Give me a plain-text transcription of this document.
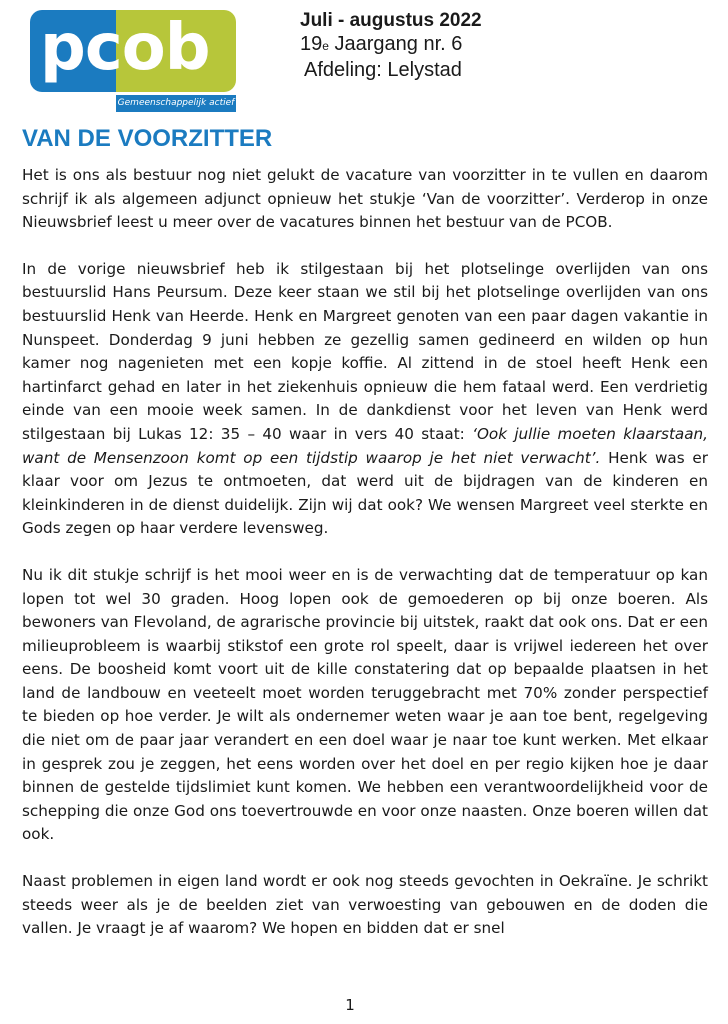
pcob
Gemeenschappelijk actief
Juli - augustus 2022
19e Jaargang nr. 6
Afdeling: Lelystad
VAN DE VOORZITTER

Het is ons als bestuur nog niet gelukt de vacature van voorzitter in te vullen en daarom schrijf ik als algemeen adjunct opnieuw het stukje ‘Van de voorzitter’. Verderop in onze Nieuwsbrief leest u meer over de vacatures binnen het bestuur van de PCOB.

In de vorige nieuwsbrief heb ik stilgestaan bij het plotselinge overlijden van ons bestuurslid Hans Peursum. Deze keer staan we stil bij het plotselinge overlijden van ons bestuurslid Henk van Heerde. Henk en Margreet genoten van een paar dagen vakantie in Nunspeet. Donderdag 9 juni hebben ze gezellig samen gedineerd en wilden op hun kamer nog nagenieten met een kopje koffie. Al zittend in de stoel heeft Henk een hartinfarct gehad en later in het ziekenhuis opnieuw die hem fataal werd. Een verdrietig einde van een mooie week samen. In de dankdienst voor het leven van Henk werd stilgestaan bij Lukas 12: 35 – 40 waar in vers 40 staat: ‘Ook jullie moeten klaarstaan, want de Mensenzoon komt op een tijdstip waarop je het niet verwacht’. Henk was er klaar voor om Jezus te ontmoeten, dat werd uit de bijdragen van de kinderen en kleinkinderen in de dienst duidelijk. Zijn wij dat ook? We wensen Margreet veel sterkte en Gods zegen op haar verdere levensweg.

Nu ik dit stukje schrijf is het mooi weer en is de verwachting dat de temperatuur op kan lopen tot wel 30 graden. Hoog lopen ook de gemoederen op bij onze boeren. Als bewoners van Flevoland, de agrarische provincie bij uitstek, raakt dat ook ons. Dat er een milieuprobleem is waarbij stikstof een grote rol speelt, daar is vrijwel iedereen het over eens. De boosheid komt voort uit de kille constatering dat op bepaalde plaatsen in het land de landbouw en veeteelt moet worden teruggebracht met 70% zonder perspectief te bieden op hoe verder. Je wilt als ondernemer weten waar je aan toe bent, regelgeving die niet om de paar jaar verandert en een doel waar je naar toe kunt werken. Met elkaar in gesprek zou je zeggen, het eens worden over het doel en per regio kijken hoe je daar binnen de gestelde tijdslimiet kunt komen. We hebben een verantwoordelijkheid voor de schepping die onze God ons toevertrouwde en voor onze naasten. Onze boeren willen dat ook.

Naast problemen in eigen land wordt er ook nog steeds gevochten in Oekraïne. Je schrikt steeds weer als je de beelden ziet van verwoesting van gebouwen en de doden die vallen. Je vraagt je af waarom? We hopen en bidden dat er snel

1
